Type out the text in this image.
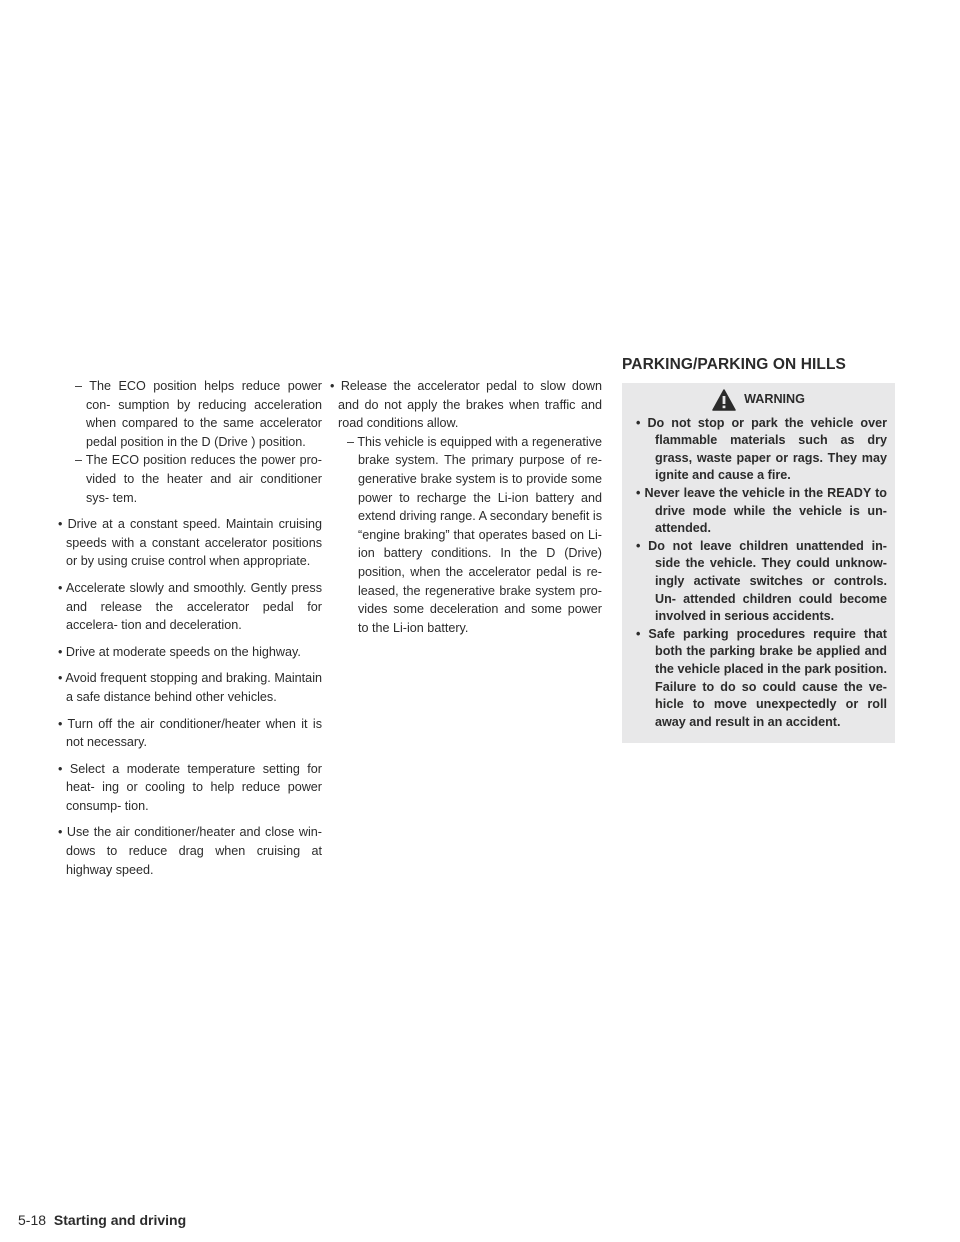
– The ECO position helps reduce power con- sumption by reducing acceleration when compared to the same accelerator pedal position in the D (Drive ) position.

– The ECO position reduces the power pro- vided to the heater and air conditioner sys- tem.

• Drive at a constant speed. Maintain cruising speeds with a constant accelerator positions or by using cruise control when appropriate.

• Accelerate slowly and smoothly. Gently press and release the accelerator pedal for accelera- tion and deceleration.

• Drive at moderate speeds on the highway.

• Avoid frequent stopping and braking. Maintain a safe distance behind other vehicles.

• Turn off the air conditioner/heater when it is not necessary.

• Select a moderate temperature setting for heat- ing or cooling to help reduce power consump- tion.

• Use the air conditioner/heater and close win- dows to reduce drag when cruising at highway speed.

• Release the accelerator pedal to slow down and do not apply the brakes when traffic and road conditions allow.

– This vehicle is equipped with a regenerative brake system. The primary purpose of re- generative brake system is to provide some power to recharge the Li-ion battery and extend driving range. A secondary benefit is “engine braking” that operates based on Li-ion battery conditions. In the D (Drive) position, when the accelerator pedal is re- leased, the regenerative brake system pro- vides some deceleration and some power to the Li-ion battery.

PARKING/PARKING ON HILLS
WARNING

• Do not stop or park the vehicle over flammable materials such as dry grass, waste paper or rags. They may ignite and cause a fire.

• Never leave the vehicle in the READY to drive mode while the vehicle is un- attended.

• Do not leave children unattended in- side the vehicle. They could unknow- ingly activate switches or controls. Un- attended children could become involved in serious accidents.

• Safe parking procedures require that both the parking brake be applied and the vehicle placed in the park position. Failure to do so could cause the ve- hicle to move unexpectedly or roll away and result in an accident.

5-18 Starting and driving
